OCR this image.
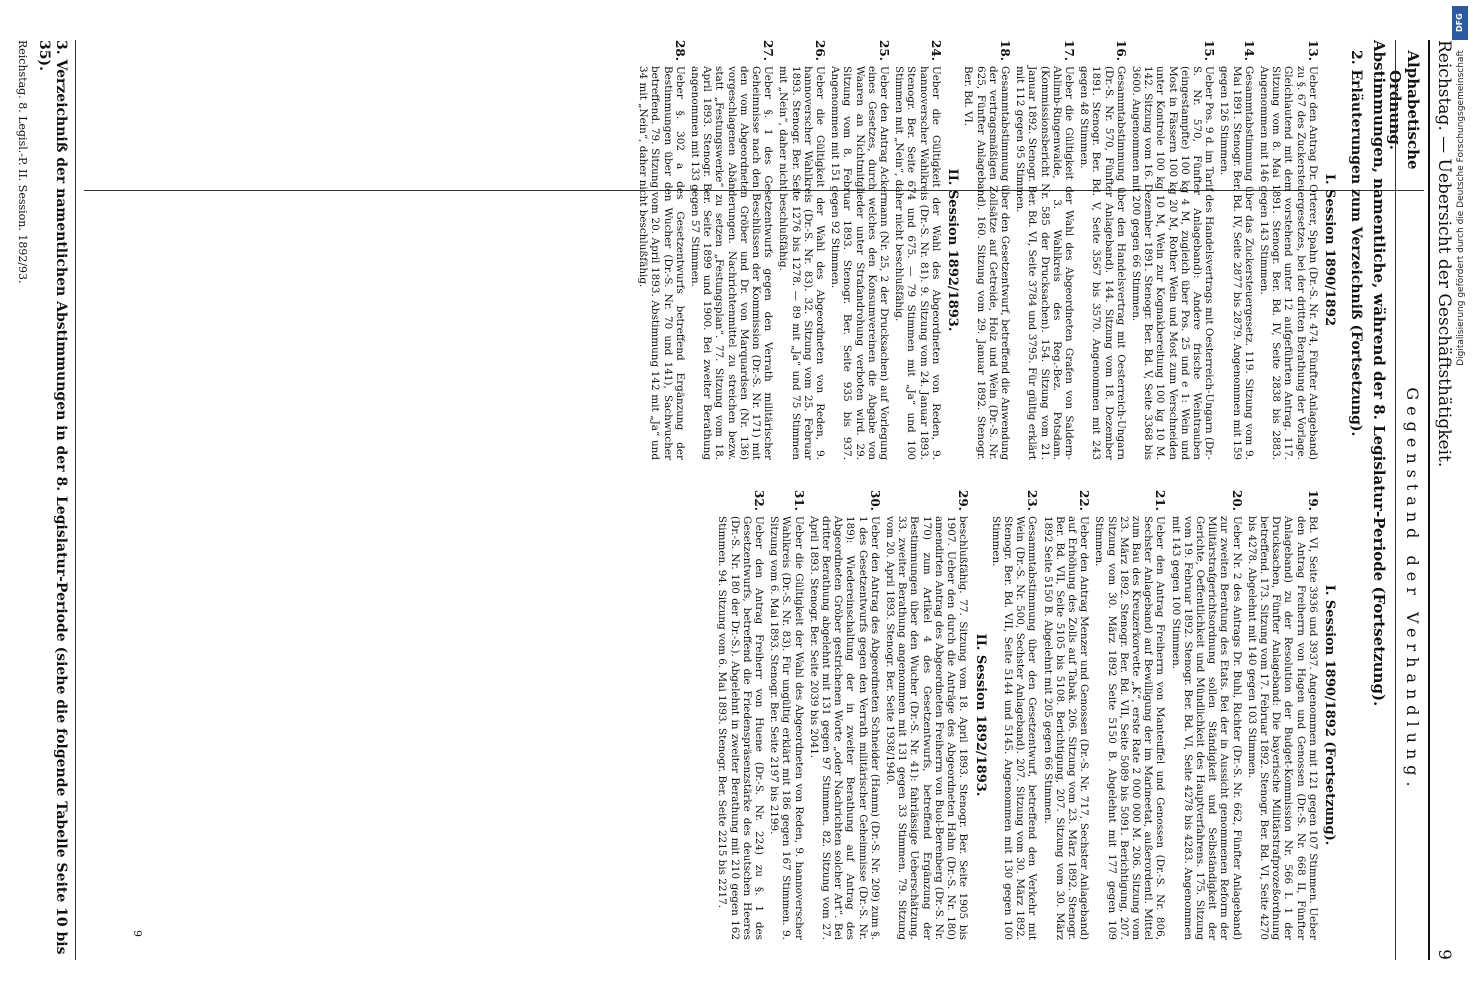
Reichstag. — Uebersicht der Geschäftsthätigkeit.
9
Alphabetische Ordnung.
Gegenstand der Verhandlung.
Abstimmungen, namentliche, während der 8. Legislatur-Periode (Fortsetzung).
2. Erläuterungen zum Verzeichniß (Fortsetzung).
I. Session 1890/1892
13.
Ueber den Antrag Dr. Orterer, Spahn (Dr.-S. Nr. 474, Fünfter Anlageband) zu §. 67 des Zuckersteuergesetzes, bei der dritten Berathung der Vorlage. Gleichlautend mit dem vorstehend unter 12 aufgeführten Antrag. 117. Sitzung vom 8. Mai 1891. Stenogr. Ber. Bd. IV, Seite 2838 bis 2883. Angenommen mit 146 gegen 143 Stimmen.
14.
Gesammtabstimmung über das Zuckersteuergesetz. 119. Sitzung vom 9. Mai 1891. Stenogr. Ber. Bd. IV, Seite 2877 bis 2879. Angenommen mit 159 gegen 126 Stimmen.
15.
Ueber Pos. 9 d. im Tarif des Handelsvertrags mit Oesterreich-Ungarn (Dr.-S. Nr. 570, Fünfter Anlageband): Andere frische Weintrauben (eingestampfte) 100 kg 4 M, zugleich über Pos. 25 und e 1: Wein und Most in Fässern 100 kg 20 M, Rother Wein und Most zum Verschneiden unter Kontrole 100 kg 10 M, Wein zur Kognakbereitung 100 kg 10 M. 142. Sitzung vom 16. Dezember 1891. Stenogr. Ber. Bd. V, Seite 3368 bis 3600. Angenommen mit 200 gegen 66 Stimmen.
16.
Gesammtabstimmung über den Handelsvertrag mit Oesterreich-Ungarn (Dr.-S. Nr. 570, Fünfter Anlageband). 144. Sitzung vom 18. Dezember 1891. Stenogr. Ber. Bd. V, Seite 3567 bis 3570. Angenommen mit 243 gegen 48 Stimmen.
17.
Ueber die Gültigkeit der Wahl des Abgeordneten Grafen von Saldern-Ahlimb-Ringenwalde, 3. Wahlkreis des Reg.-Bez. Potsdam. (Kommissionsbericht Nr. 585 der Drucksachen). 154. Sitzung vom 21. Januar 1892. Stenogr. Ber. Bd. VI, Seite 3784 und 3795. Für gültig erklärt mit 112 gegen 95 Stimmen.
18.
Gesammtabstimmung über den Gesetzentwurf, betreffend die Anwendung der vertragsmäßigen Zollsätze auf Getreide, Holz und Wein (Dr.-S. Nr. 625, Fünfter Anlageband). 160. Sitzung vom 29. Januar 1892. Stenogr. Ber. Bd. VI.
II. Session 1892/1893.
24.
Ueber die Gültigkeit der Wahl des Abgeordneten von Reden, 9. hannoverscher Wahlkreis (Dr.-S. Nr. 81). 9. Sitzung vom 24. Januar 1893. Stenogr. Ber. Seite 674 und 675. — 79 Stimmen mit „Ja“ und 100 Stimmen mit „Nein“, daher nicht beschlußfähig.
25.
Ueber den Antrag Ackermann (Nr. 25, 2 der Drucksachen) auf Vorlegung eines Gesetzes, durch welches den Konsumvereinen die Abgabe von Waaren an Nichtmitglieder unter Strafandrohung verboten wird. 29. Sitzung vom 8. Februar 1893. Stenogr. Ber. Seite 935 bis 937. Angenommen mit 151 gegen 92 Stimmen.
26.
Ueber die Gültigkeit der Wahl des Abgeordneten von Reden, 9. hannoverscher Wahlkreis (Dr.-S. Nr. 83). 32. Sitzung vom 25. Februar 1893. Stenogr. Ber. Seite 1276 bis 1278. — 89 mit „Ja“ und 75 Stimmen mit „Nein“, daher nicht beschlußfähig.
27.
Ueber §. 1 des Gesetzentwurfs gegen den Verrath militärischer Geheimnisse nach den Beschlüssen der Kommission (Dr.-S. Nr. 171) mit den vom Abgeordneten Gröber und Dr. von Marquardsen (Nr. 136) vorgeschlagenen Abänderungen. Nachrichtenmittel zu streichen bezw. statt „Festungswerke“ zu setzen „Festungsplan“. 77. Sitzung vom 18. April 1893. Stenogr. Ber. Seite 1899 und 1900. Bei zweiter Berathung angenommen mit 133 gegen 57 Stimmen.
28.
Ueber §. 302 a des Gesetzentwurfs betreffend Ergänzung der Bestimmungen über den Wucher (Dr.-S. Nr. 70 und 141), Sachwucher betreffend. 79. Sitzung vom 20. April 1893. Abstimmung 142 mit „Ja“ und 34 mit „Nein“, daher nicht beschlußfähig.
I. Session 1890/1892 (Fortsetzung).
19.
Bd. VI, Seite 3936 und 3937. Angenommen mit 121 gegen 107 Stimmen. Ueber den Antrag Freiherrn von Hagen und Genossen (Dr.-S. Nr. 668 II, Fünfter Anlageband) zu der Resolution der Budget-Kommission Nr. 566 I. 1 der Drucksachen, Fünfter Anlageband: Die bayerische Militärstrafprozeßordnung betreffend. 173. Sitzung vom 17. Februar 1892. Stenogr. Ber. Bd. VI, Seite 4270 bis 4278. Abgelehnt mit 140 gegen 103 Stimmen.
20.
Ueber Nr. 2 des Antrags Dr. Buhl, Richter (Dr.-S. Nr. 662, Fünfter Anlageband) zur zweiten Beratung des Etats. Bei der in Aussicht genommenen Reform der Militärstrafgerichtsordnung sollen Ständigkeit und Selbständigkeit der Gerichte, Oeffentlichkeit und Mündlichkeit des Hauptverfahrens. 175. Sitzung vom 19. Februar 1892. Stenogr. Ber. Bd. VI, Seite 4278 bis 4283. Angenommen mit 143 gegen 100 Stimmen.
21.
Ueber den Antrag Freiherrn von Manteuffel und Genossen (Dr.-S. Nr. 806, Sechster Anlageband) auf Bewilligung der im Marineetat, außerordentl. Mittel zum Bau des Kreuzerkorvette „K“, erste Rate 2 000 000 M. 206. Sitzung vom 23. März 1892. Stenogr. Ber. Bd. VII, Seite 5089 bis 5091. Berichtigung, 207. Sitzung vom 30. März 1892 Seite 5150 B. Abgelehnt mit 177 gegen 109 Stimmen.
22.
Ueber den Antrag Menzer und Genossen (Dr.-S. Nr. 717, Sechster Anlageband) auf Erhöhung des Zolls auf Tabak. 206. Sitzung vom 23. März 1892. Stenogr. Ber. Bd. VII, Seite 5105 bis 5108. Berichtigung, 207. Sitzung vom 30. März 1892 Seite 5150 B. Abgelehnt mit 205 gegen 66 Stimmen.
23.
Gesammtabstimmung über den Gesetzentwurf, betreffend den Verkehr mit Wein (Dr.-S. Nr. 500, Sechster Anlageband). 207. Sitzung vom 30. März 1892. Stenogr. Ber. Bd. VII, Seite 5144 und 5145. Angenommen mit 130 gegen 100 Stimmen.
II. Session 1892/1893.
29.
beschlußfähig. 77. Sitzung vom 18. April 1893. Stenogr. Ber. Seite 1905 bis 1907. Ueber den durch die Anträge des Abgeordneten Hahn (Dr.-S. Nr. 180) amendirten Antrag des Abgeordneten Freiherrn von Buol-Berenberg (Dr.-S. Nr. 170) zum Artikel 4 des Gesetzentwurfs, betreffend Ergänzung der Bestimmungen über den Wucher (Dr.-S. Nr. 41): fahrlässige Ueberschätzung. 33. zweiter Berathung angenommen mit 131 gegen 33 Stimmen. 79. Sitzung vom 20. April 1893. Stenogr. Ber. Seite 1938/1940.
30.
Ueber den Antrag des Abgeordneten Schneider (Hamm) (Dr.-S. Nr. 209) zum §. 1 des Gesetzentwurfs gegen den Verrath militärischer Geheimnisse (Dr.-S. Nr. 189): Wiedereinschaltung der in zweiter Berathung auf Antrag des Abgeordneten Gröber gestrichenen Worte „oder Nachrichten solcher Art“. Bei dritter Berathung abgelehnt mit 131 gegen 97 Stimmen. 82. Sitzung vom 27. April 1893. Stenogr. Ber. Seite 2039 bis 2041.
31.
Ueber die Gültigkeit der Wahl des Abgeordneten von Reden, 9. hannoverscher Wahlkreis (Dr.-S. Nr. 83). Für ungültig erklärt mit 186 gegen 167 Stimmen. 9. Sitzung vom 6. Mai 1893. Stenogr. Ber. Seite 2197 bis 2199.
32.
Ueber den Antrag Freiherr von Huene (Dr.-S. Nr. 224) zu §. 1 des Gesetzentwurfs, betreffend die Friedenspräsenzstärke des deutschen Heeres (Dr.-S. Nr. 180 der Dr.-S.). Abgelehnt in zweiter Berathung mit 210 gegen 162 Stimmen. 94. Sitzung vom 6. Mai 1893. Stenogr. Ber. Seite 2215 bis 2217.
9
3. Verzeichniß der namentlichen Abstimmungen in der 8. Legislatur-Periode (siehe die folgende Tabelle Seite 10 bis 35).
Reichstag. 8. Legisl.-P. II. Session. 1892/93.
DFG
Digitalisierung gefördert durch die Deutsche Forschungsgemeinschaft
